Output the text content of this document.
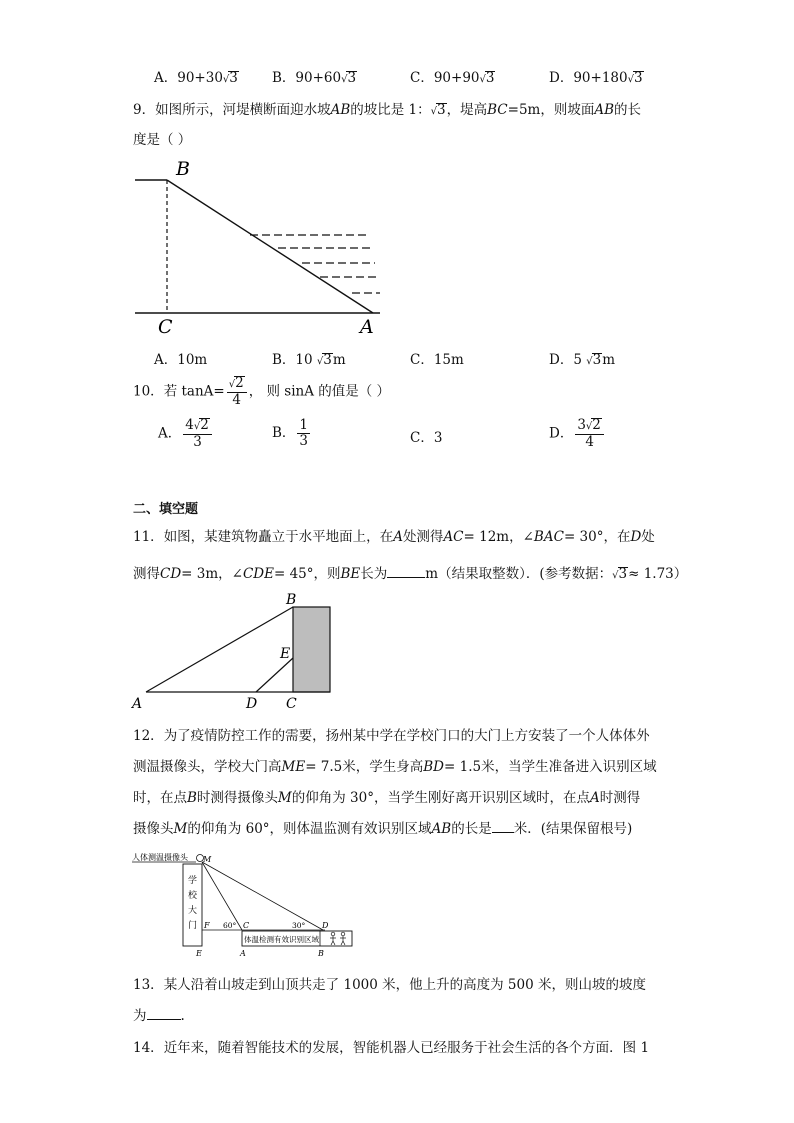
A．90+30√3	B．90+60√3	C．90+90√3	D．90+180√3
9．如图所示，河堤横断面迎水坡AB的坡比是 1：√3，堤高BC=5m，则坡面AB的长
度是（ ）
B
C	A
A．10m	B．10 √3m	C．15m	D．5 √3m
10．若 $\tan A= \frac{√2}{4}$ ， 则 sinA 的值是（ ）
A． $\frac{4√2}{3}$	B． $\frac{1}{3}$	C．3	D． $\frac{3√2}{4}$
二、填空题
11．如图，某建筑物矗立于水平地面上，在A处测得AC= 12m，∠BAC= 30°，在D处
测得CD= 3m，∠CDE= 45°，则BE长为	m（结果取整数）．(参考数据：√3≈ 1.73）
B
E
A	D C
12．为了疫情防控工作的需要，扬州某中学在学校门口的大门上方安装了一个人体体外
测温摄像头，学校大门高ME= 7.5米，学生身高BD= 1.5米，当学生准备进入识别区域
时，在点B时测得摄像头M的仰角为 30°，当学生刚好离开识别区域时，在点A时测得
摄像头M的仰角为 60°，则体温监测有效识别区域AB的长是 米．(结果保留根号)
人体测温摄像头 M
学
校
大
门
体温检测有效识别区域
F 60° C	30° D
E	A	B
13．某人沿着山坡走到山顶共走了 1000 米，他上升的高度为 500 米，则山坡的坡度
为	.
14．近年来，随着智能技术的发展，智能机器人已经服务于社会生活的各个方面．图 1
